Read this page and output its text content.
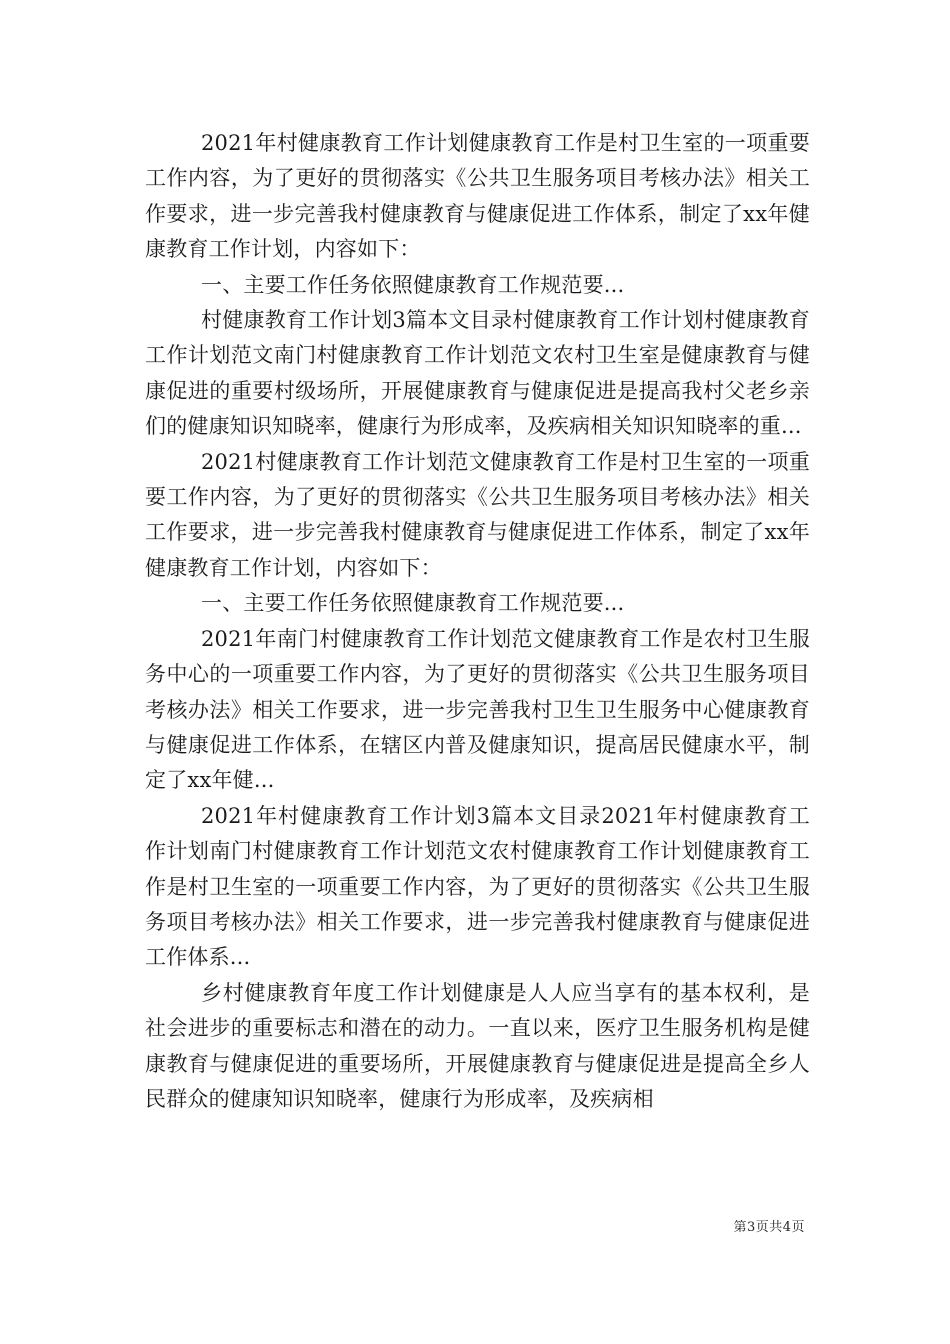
2021年村健康教育工作计划健康教育工作是村卫生室的一项重要工作内容，为了更好的贯彻落实《公共卫生服务项目考核办法》相关工作要求，进一步完善我村健康教育与健康促进工作体系，制定了xx年健康教育工作计划，内容如下：

一、主要工作任务依照健康教育工作规范要...

村健康教育工作计划3篇本文目录村健康教育工作计划村健康教育工作计划范文南门村健康教育工作计划范文农村卫生室是健康教育与健康促进的重要村级场所，开展健康教育与健康促进是提高我村父老乡亲们的健康知识知晓率，健康行为形成率，及疾病相关知识知晓率的重...

2021村健康教育工作计划范文健康教育工作是村卫生室的一项重要工作内容，为了更好的贯彻落实《公共卫生服务项目考核办法》相关工作要求，进一步完善我村健康教育与健康促进工作体系，制定了xx年健康教育工作计划，内容如下：

一、主要工作任务依照健康教育工作规范要...

2021年南门村健康教育工作计划范文健康教育工作是农村卫生服务中心的一项重要工作内容，为了更好的贯彻落实《公共卫生服务项目考核办法》相关工作要求，进一步完善我村卫生卫生服务中心健康教育与健康促进工作体系，在辖区内普及健康知识，提高居民健康水平，制定了xx年健...

2021年村健康教育工作计划3篇本文目录2021年村健康教育工作计划南门村健康教育工作计划范文农村健康教育工作计划健康教育工作是村卫生室的一项重要工作内容，为了更好的贯彻落实《公共卫生服务项目考核办法》相关工作要求，进一步完善我村健康教育与健康促进工作体系...

乡村健康教育年度工作计划健康是人人应当享有的基本权利，是社会进步的重要标志和潜在的动力。一直以来，医疗卫生服务机构是健康教育与健康促进的重要场所，开展健康教育与健康促进是提高全乡人民群众的健康知识知晓率，健康行为形成率，及疾病相

第3页共4页
